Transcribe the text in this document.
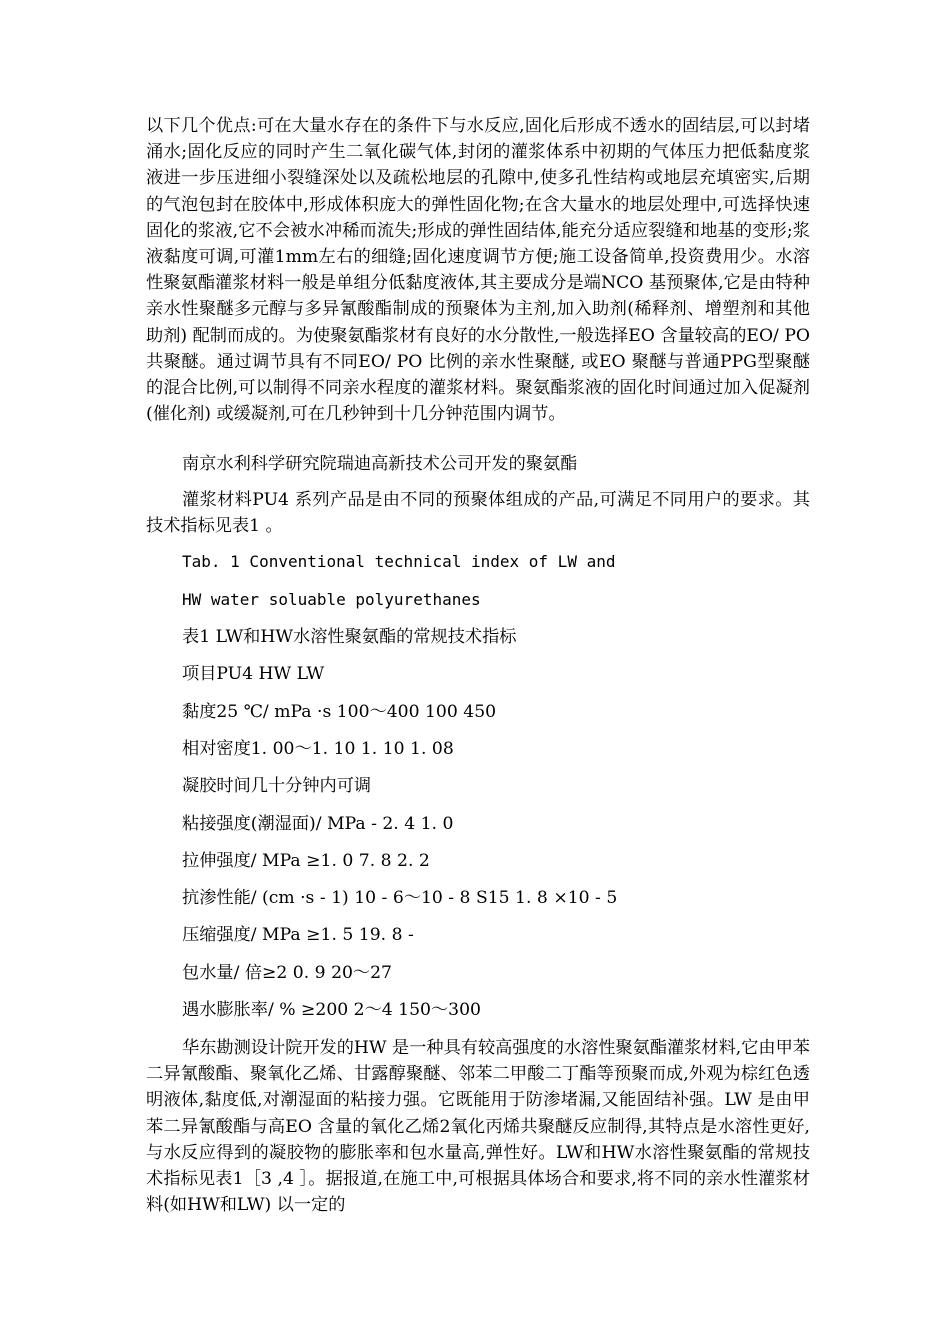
以下几个优点:可在大量水存在的条件下与水反应,固化后形成不透水的固结层,可以封堵涌水;固化反应的同时产生二氧化碳气体,封闭的灌浆体系中初期的气体压力把低黏度浆液进一步压进细小裂缝深处以及疏松地层的孔隙中,使多孔性结构或地层充填密实,后期的气泡包封在胶体中,形成体积庞大的弹性固化物;在含大量水的地层处理中,可选择快速固化的浆液,它不会被水冲稀而流失;形成的弹性固结体,能充分适应裂缝和地基的变形;浆液黏度可调,可灌1mm左右的细缝;固化速度调节方便;施工设备简单,投资费用少。水溶性聚氨酯灌浆材料一般是单组分低黏度液体,其主要成分是端NCO 基预聚体,它是由特种亲水性聚醚多元醇与多异氰酸酯制成的预聚体为主剂,加入助剂(稀释剂、增塑剂和其他助剂) 配制而成的。为使聚氨酯浆材有良好的水分散性,一般选择EO 含量较高的EO/ PO 共聚醚。通过调节具有不同EO/ PO 比例的亲水性聚醚, 或EO 聚醚与普通PPG型聚醚的混合比例,可以制得不同亲水程度的灌浆材料。聚氨酯浆液的固化时间通过加入促凝剂(催化剂) 或缓凝剂,可在几秒钟到十几分钟范围内调节。

南京水利科学研究院瑞迪高新技术公司开发的聚氨酯

灌浆材料PU4 系列产品是由不同的预聚体组成的产品,可满足不同用户的要求。其技术指标见表1 。

Tab. 1 Conventional technical index of LW and

HW water soluable polyurethanes

表1 LW和HW水溶性聚氨酯的常规技术指标

项目PU4 HW LW

黏度25 ℃/ mPa ·s 100～400 100 450

相对密度1. 00～1. 10 1. 10 1. 08

凝胶时间几十分钟内可调

粘接强度(潮湿面)/ MPa - 2. 4 1. 0

拉伸强度/ MPa ≥1. 0 7. 8 2. 2

抗渗性能/ (cm ·s - 1) 10 - 6～10 - 8 S15 1. 8 ×10 - 5

压缩强度/ MPa ≥1. 5 19. 8 -

包水量/ 倍≥2 0. 9 20～27

遇水膨胀率/ % ≥200 2～4 150～300

华东勘测设计院开发的HW 是一种具有较高强度的水溶性聚氨酯灌浆材料,它由甲苯二异氰酸酯、聚氧化乙烯、甘露醇聚醚、邻苯二甲酸二丁酯等预聚而成,外观为棕红色透明液体,黏度低,对潮湿面的粘接力强。它既能用于防渗堵漏,又能固结补强。LW 是由甲苯二异氰酸酯与高EO 含量的氧化乙烯2氧化丙烯共聚醚反应制得,其特点是水溶性更好,与水反应得到的凝胶物的膨胀率和包水量高,弹性好。LW和HW水溶性聚氨酯的常规技术指标见表1［3 ,4 ］。据报道,在施工中,可根据具体场合和要求,将不同的亲水性灌浆材料(如HW和LW) 以一定的
